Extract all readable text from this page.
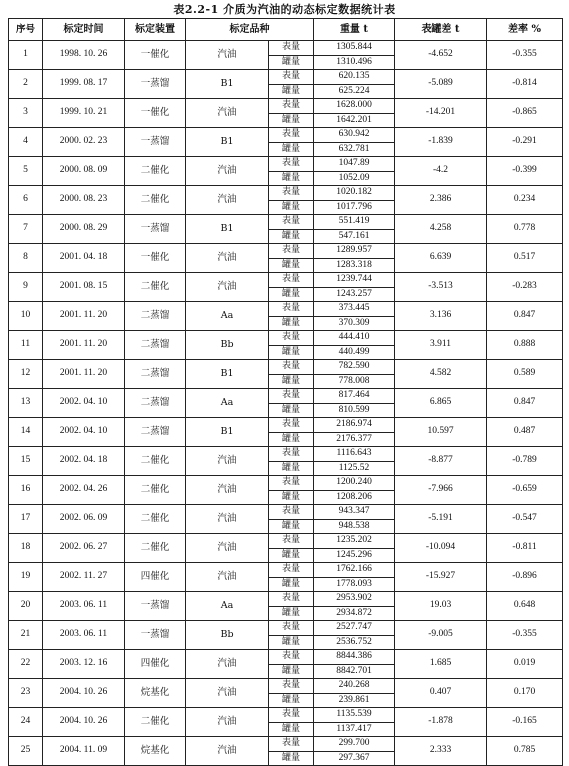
表2.2-1 介质为汽油的动态标定数据统计表
序号	标定时间	标定装置	标定品种		重量 t	表罐差 t	差率 %
1	1998. 10. 26	一催化	汽油	表量	1305.844	-4.652	-0.355
				罐量	1310.496		
2	1999. 08. 17	一蒸馏	B1	表量	620.135	-5.089	-0.814
				罐量	625.224		
3	1999. 10. 21	一催化	汽油	表量	1628.000	-14.201	-0.865
				罐量	1642.201		
4	2000. 02. 23	一蒸馏	B1	表量	630.942	-1.839	-0.291
				罐量	632.781		
5	2000. 08. 09	二催化	汽油	表量	1047.89	-4.2	-0.399
				罐量	1052.09		
6	2000. 08. 23	二催化	汽油	表量	1020.182	2.386	0.234
				罐量	1017.796		
7	2000. 08. 29	一蒸馏	B1	表量	551.419	4.258	0.778
				罐量	547.161		
8	2001. 04. 18	一催化	汽油	表量	1289.957	6.639	0.517
				罐量	1283.318		
9	2001. 08. 15	二催化	汽油	表量	1239.744	-3.513	-0.283
				罐量	1243.257		
10	2001. 11. 20	二蒸馏	Aa	表量	373.445	3.136	0.847
				罐量	370.309		
11	2001. 11. 20	二蒸馏	Bb	表量	444.410	3.911	0.888
				罐量	440.499		
12	2001. 11. 20	二蒸馏	B1	表量	782.590	4.582	0.589
				罐量	778.008		
13	2002. 04. 10	二蒸馏	Aa	表量	817.464	6.865	0.847
				罐量	810.599		
14	2002. 04. 10	二蒸馏	B1	表量	2186.974	10.597	0.487
				罐量	2176.377		
15	2002. 04. 18	二催化	汽油	表量	1116.643	-8.877	-0.789
				罐量	1125.52		
16	2002. 04. 26	二催化	汽油	表量	1200.240	-7.966	-0.659
				罐量	1208.206		
17	2002. 06. 09	二催化	汽油	表量	943.347	-5.191	-0.547
				罐量	948.538		
18	2002. 06. 27	二催化	汽油	表量	1235.202	-10.094	-0.811
				罐量	1245.296		
19	2002. 11. 27	四催化	汽油	表量	1762.166	-15.927	-0.896
				罐量	1778.093		
20	2003. 06. 11	一蒸馏	Aa	表量	2953.902	19.03	0.648
				罐量	2934.872		
21	2003. 06. 11	一蒸馏	Bb	表量	2527.747	-9.005	-0.355
				罐量	2536.752		
22	2003. 12. 16	四催化	汽油	表量	8844.386	1.685	0.019
				罐量	8842.701		
23	2004. 10. 26	烷基化	汽油	表量	240.268	0.407	0.170
				罐量	239.861		
24	2004. 10. 26	二催化	汽油	表量	1135.539	-1.878	-0.165
				罐量	1137.417		
25	2004. 11. 09	烷基化	汽油	表量	299.700	2.333	0.785
				罐量	297.367		
